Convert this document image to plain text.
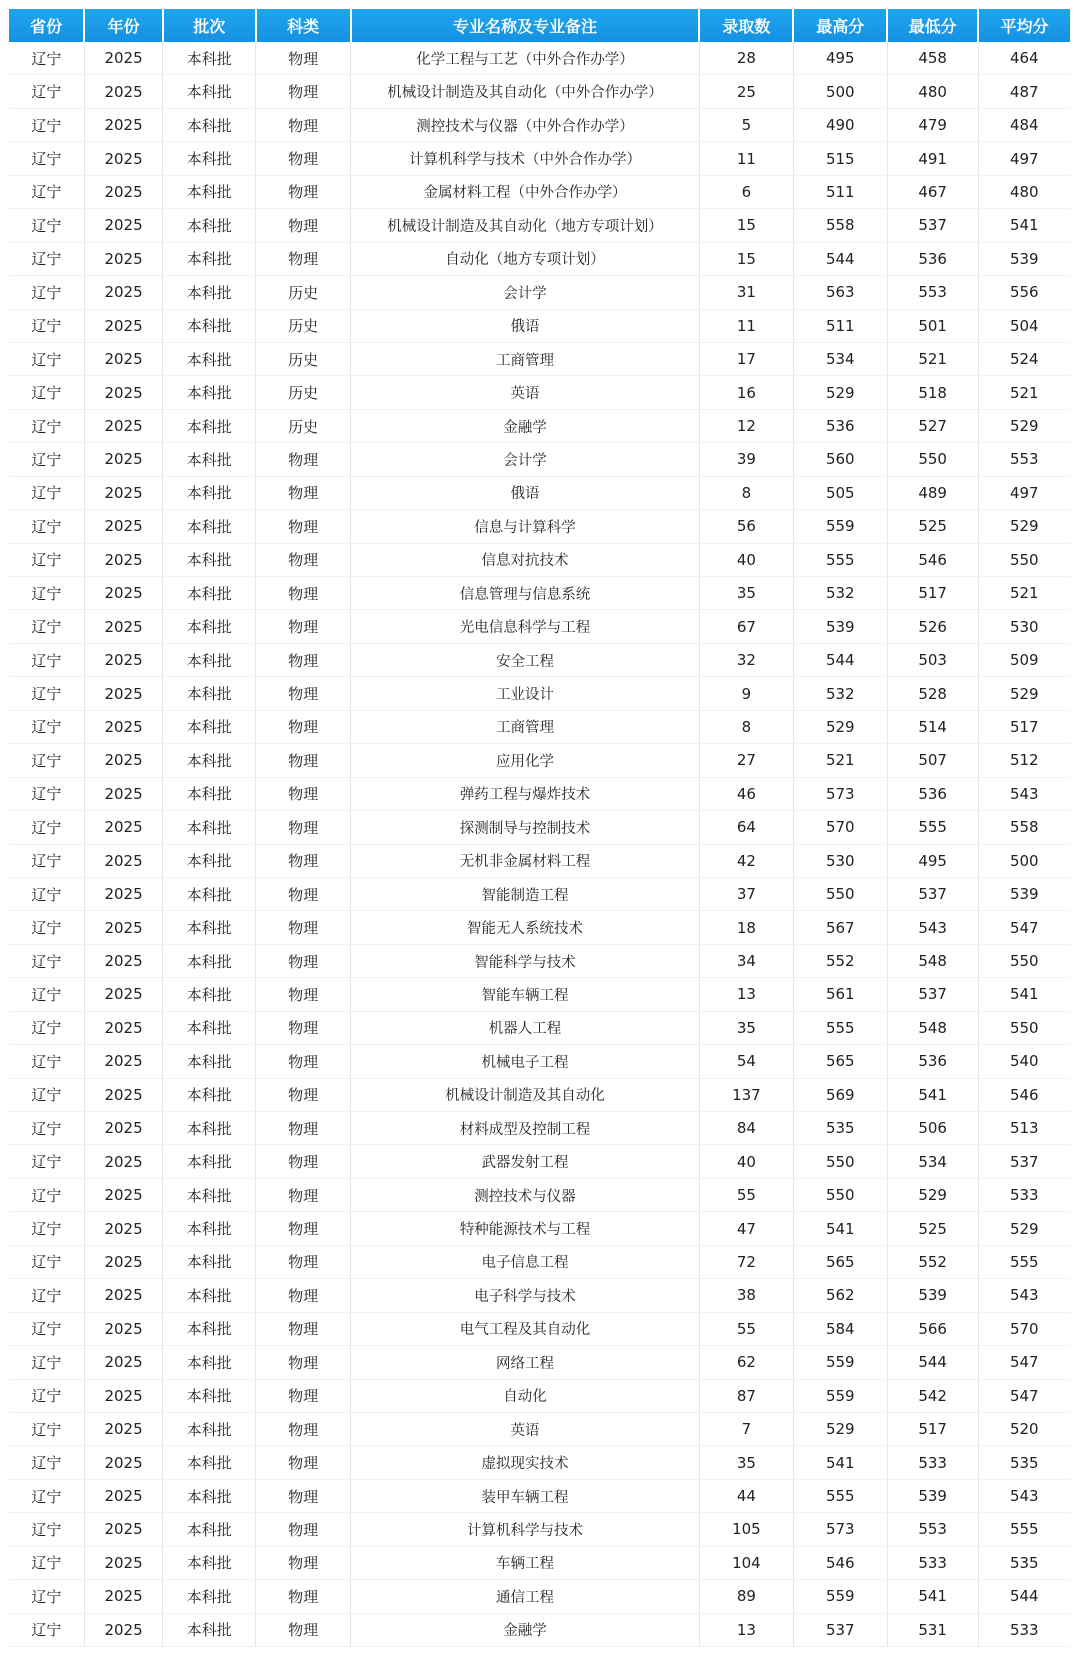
省份	年份	批次	科类	专业名称及专业备注	录取数	最高分	最低分	平均分
辽宁	2025	本科批	物理	化学工程与工艺（中外合作办学）	28	495	458	464
辽宁	2025	本科批	物理	机械设计制造及其自动化（中外合作办学）	25	500	480	487
辽宁	2025	本科批	物理	测控技术与仪器（中外合作办学）	5	490	479	484
辽宁	2025	本科批	物理	计算机科学与技术（中外合作办学）	11	515	491	497
辽宁	2025	本科批	物理	金属材料工程（中外合作办学）	6	511	467	480
辽宁	2025	本科批	物理	机械设计制造及其自动化（地方专项计划）	15	558	537	541
辽宁	2025	本科批	物理	自动化（地方专项计划）	15	544	536	539
辽宁	2025	本科批	历史	会计学	31	563	553	556
辽宁	2025	本科批	历史	俄语	11	511	501	504
辽宁	2025	本科批	历史	工商管理	17	534	521	524
辽宁	2025	本科批	历史	英语	16	529	518	521
辽宁	2025	本科批	历史	金融学	12	536	527	529
辽宁	2025	本科批	物理	会计学	39	560	550	553
辽宁	2025	本科批	物理	俄语	8	505	489	497
辽宁	2025	本科批	物理	信息与计算科学	56	559	525	529
辽宁	2025	本科批	物理	信息对抗技术	40	555	546	550
辽宁	2025	本科批	物理	信息管理与信息系统	35	532	517	521
辽宁	2025	本科批	物理	光电信息科学与工程	67	539	526	530
辽宁	2025	本科批	物理	安全工程	32	544	503	509
辽宁	2025	本科批	物理	工业设计	9	532	528	529
辽宁	2025	本科批	物理	工商管理	8	529	514	517
辽宁	2025	本科批	物理	应用化学	27	521	507	512
辽宁	2025	本科批	物理	弹药工程与爆炸技术	46	573	536	543
辽宁	2025	本科批	物理	探测制导与控制技术	64	570	555	558
辽宁	2025	本科批	物理	无机非金属材料工程	42	530	495	500
辽宁	2025	本科批	物理	智能制造工程	37	550	537	539
辽宁	2025	本科批	物理	智能无人系统技术	18	567	543	547
辽宁	2025	本科批	物理	智能科学与技术	34	552	548	550
辽宁	2025	本科批	物理	智能车辆工程	13	561	537	541
辽宁	2025	本科批	物理	机器人工程	35	555	548	550
辽宁	2025	本科批	物理	机械电子工程	54	565	536	540
辽宁	2025	本科批	物理	机械设计制造及其自动化	137	569	541	546
辽宁	2025	本科批	物理	材料成型及控制工程	84	535	506	513
辽宁	2025	本科批	物理	武器发射工程	40	550	534	537
辽宁	2025	本科批	物理	测控技术与仪器	55	550	529	533
辽宁	2025	本科批	物理	特种能源技术与工程	47	541	525	529
辽宁	2025	本科批	物理	电子信息工程	72	565	552	555
辽宁	2025	本科批	物理	电子科学与技术	38	562	539	543
辽宁	2025	本科批	物理	电气工程及其自动化	55	584	566	570
辽宁	2025	本科批	物理	网络工程	62	559	544	547
辽宁	2025	本科批	物理	自动化	87	559	542	547
辽宁	2025	本科批	物理	英语	7	529	517	520
辽宁	2025	本科批	物理	虚拟现实技术	35	541	533	535
辽宁	2025	本科批	物理	装甲车辆工程	44	555	539	543
辽宁	2025	本科批	物理	计算机科学与技术	105	573	553	555
辽宁	2025	本科批	物理	车辆工程	104	546	533	535
辽宁	2025	本科批	物理	通信工程	89	559	541	544
辽宁	2025	本科批	物理	金融学	13	537	531	533
